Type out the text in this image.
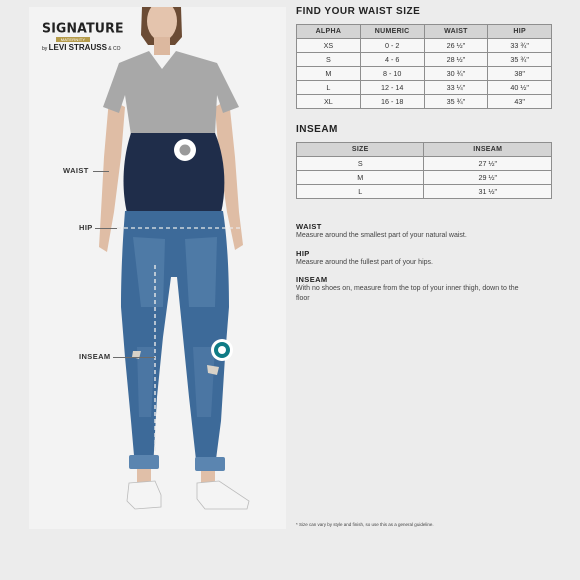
SIGNATURE
MATERNITY
by LEVI STRAUSS & CO
WAIST
HIP
INSEAM
FIND YOUR WAIST SIZE
ALPHA	NUMERIC	WAIST	HIP
XS	0 - 2	26 ½"	33 ¾"
S	4 - 6	28 ½"	35 ¾"
M	8 - 10	30 ¾"	38"
L	12 - 14	33 ¼"	40 ½"
XL	16 - 18	35 ¾"	43"
INSEAM
SIZE	INSEAM
S	27 ½"
M	29 ½"
L	31 ½"
WAIST
Measure around the smallest part of your natural waist.
HIP
Measure around the fullest part of your hips.
INSEAM
With no shoes on, measure from the top of your inner thigh, down to the floor
* Size can vary by style and finish, so use this as a general guideline.
